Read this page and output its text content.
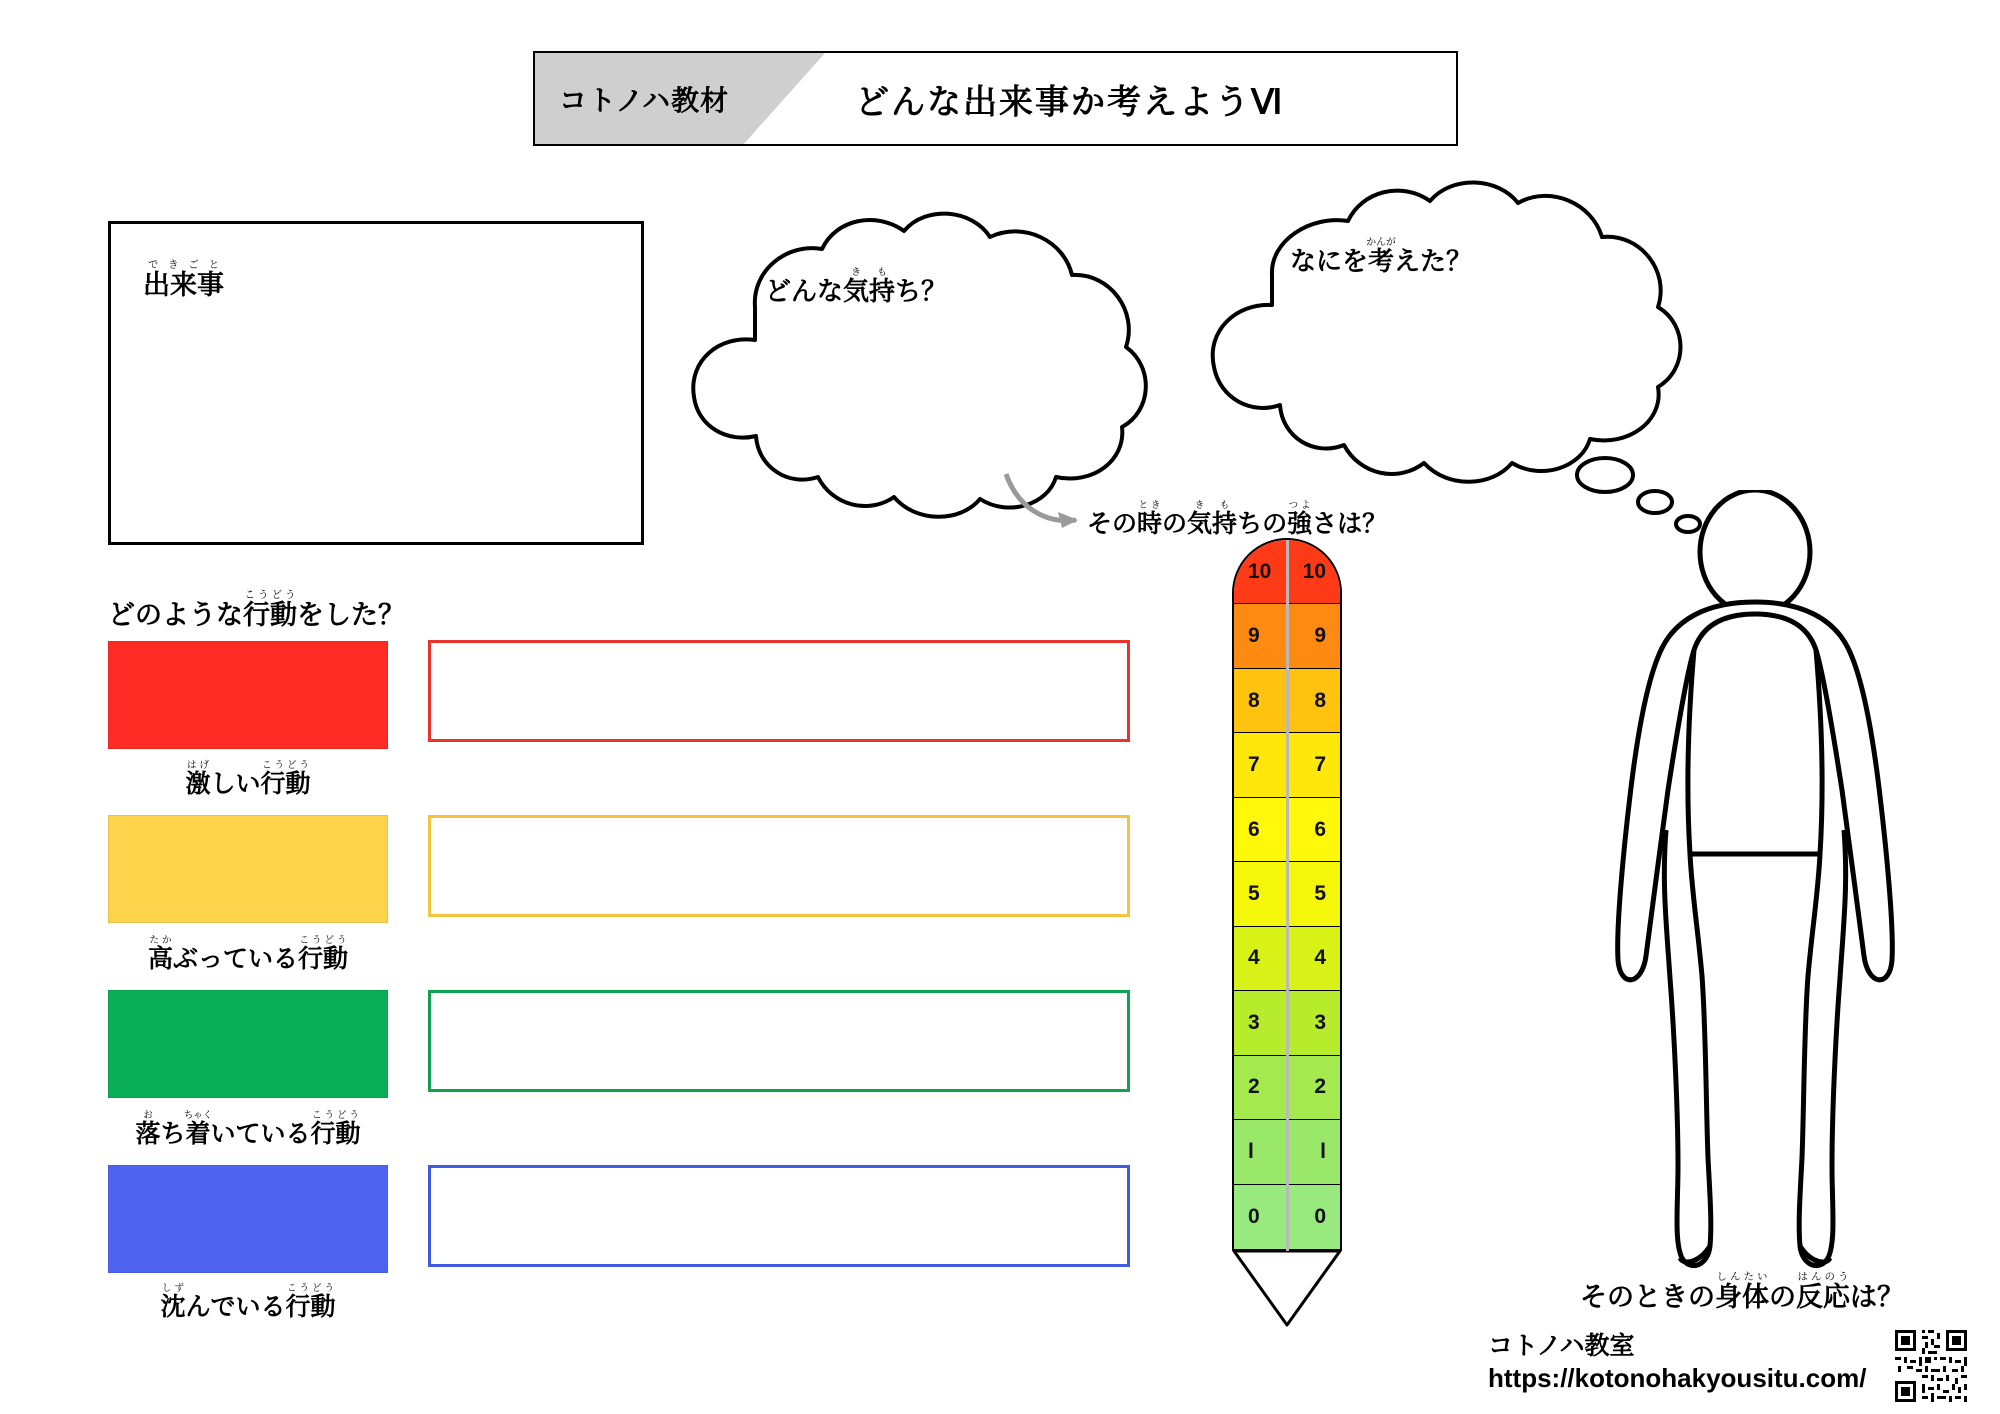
コトノハ教材	どんな出来事か考えようⅥ
出来事できごと
どんな気持きもち？
なにを考かんがえた？
その時ときの気持きもちの強つよさは？
どのような行動こうどうをした？
激はげしい行動こうどう
高たかぶっている行動こうどう
落おち着ちゃくいている行動こうどう
沈しずんでいる行動こうどう
10 10
9	9
8	8
7	7
6	6
5	5
4	4
3	3
2	2
l	l
0	0
そのときの身体しんたいの反応はんのうは？
コトノハ教室
https://kotonohakyousitu.com/
